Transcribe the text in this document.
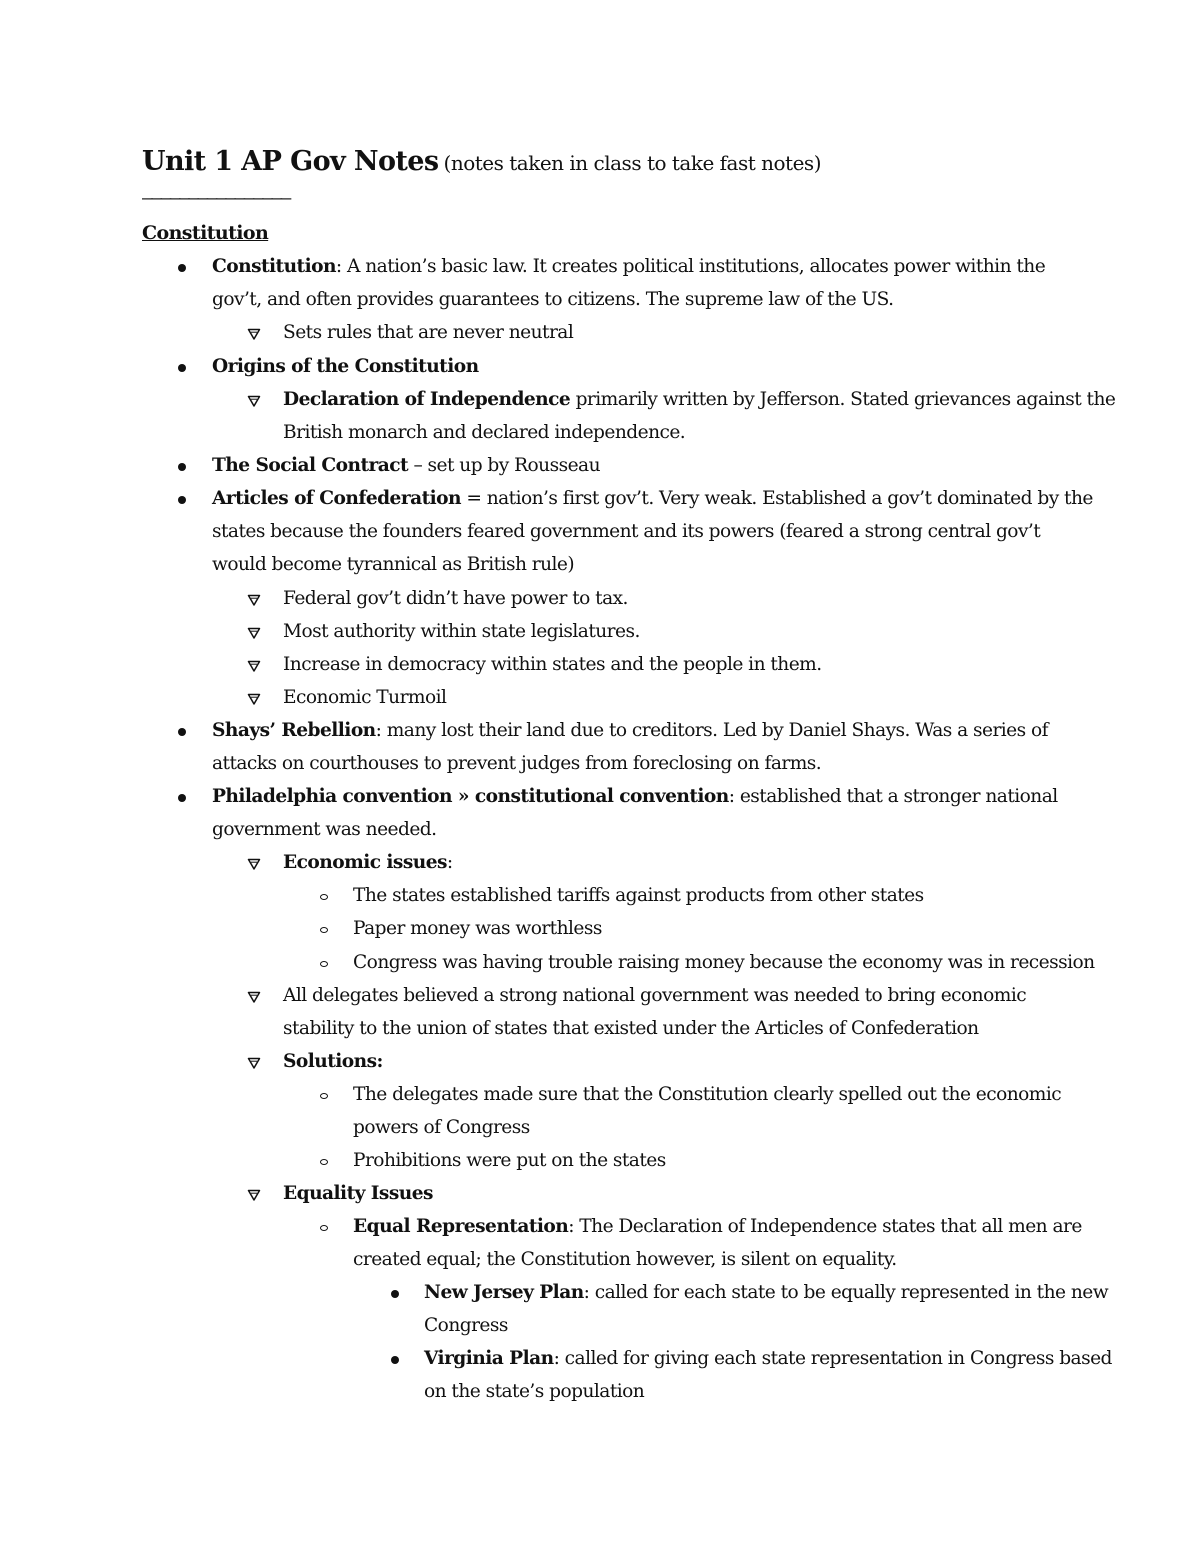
Unit 1 AP Gov Notes (notes taken in class to take fast notes)
————————————————
Constitution
Constitution: A nation’s basic law. It creates political institutions, allocates power within the
gov’t, and often provides guarantees to citizens. The supreme law of the US.
Sets rules that are never neutral
Origins of the Constitution
Declaration of Independence primarily written by Jefferson. Stated grievances against the
British monarch and declared independence.
The Social Contract – set up by Rousseau
Articles of Confederation = nation’s first gov’t. Very weak. Established a gov’t dominated by the
states because the founders feared government and its powers (feared a strong central gov’t
would become tyrannical as British rule)
Federal gov’t didn’t have power to tax.
Most authority within state legislatures.
Increase in democracy within states and the people in them.
Economic Turmoil
Shays’ Rebellion: many lost their land due to creditors. Led by Daniel Shays. Was a series of
attacks on courthouses to prevent judges from foreclosing on farms.
Philadelphia convention » constitutional convention: established that a stronger national
government was needed.
Economic issues:
The states established tariffs against products from other states
Paper money was worthless
Congress was having trouble raising money because the economy was in recession
All delegates believed a strong national government was needed to bring economic
stability to the union of states that existed under the Articles of Confederation
Solutions:
The delegates made sure that the Constitution clearly spelled out the economic
powers of Congress
Prohibitions were put on the states
Equality Issues
Equal Representation: The Declaration of Independence states that all men are
created equal; the Constitution however, is silent on equality.
New Jersey Plan: called for each state to be equally represented in the new
Congress
Virginia Plan: called for giving each state representation in Congress based
on the state’s population
